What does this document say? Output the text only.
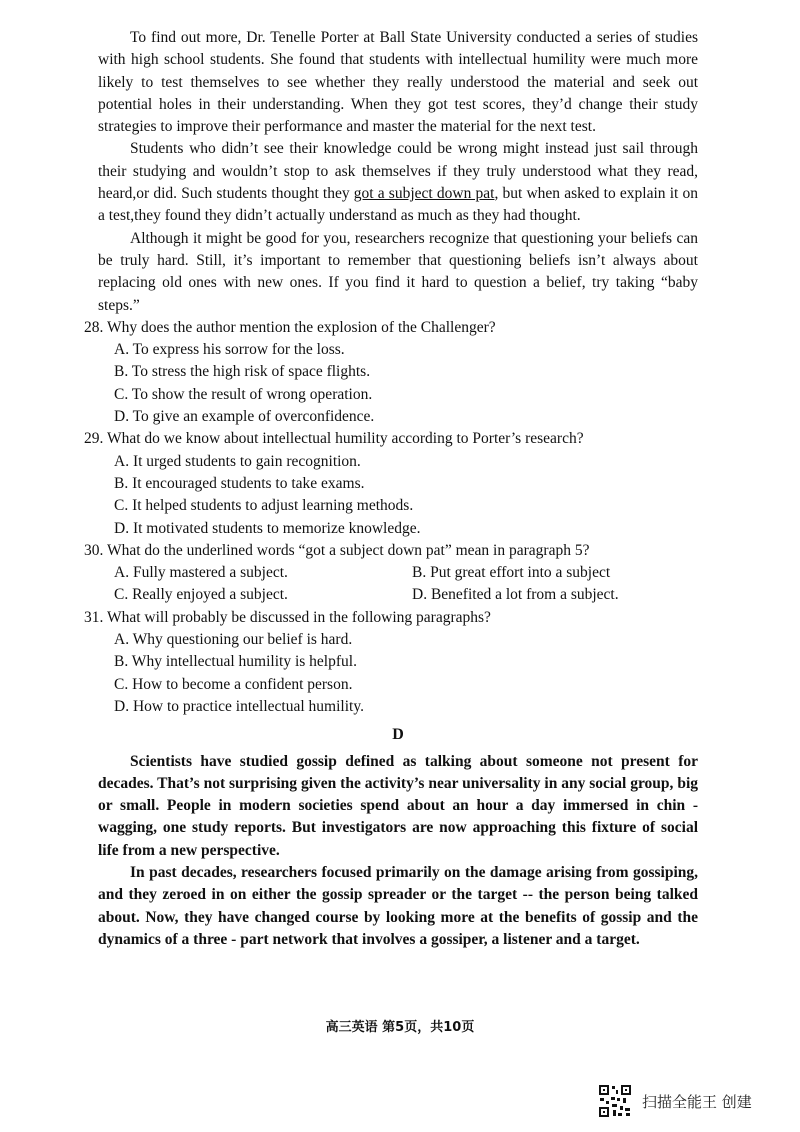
To find out more, Dr. Tenelle Porter at Ball State University conducted a series of studies with high school students. She found that students with intellectual humility were much more likely to test themselves to see whether they really understood the material and seek out potential holes in their understanding. When they got test scores, they’d change their study strategies to improve their performance and master the material for the next test.

Students who didn’t see their knowledge could be wrong might instead just sail through their studying and wouldn’t stop to ask themselves if they truly understood what they read, heard,or did. Such students thought they got a subject down pat, but when asked to explain it on a test,they found they didn’t actually understand as much as they had thought.

Although it might be good for you, researchers recognize that questioning your beliefs can be truly hard. Still, it’s important to remember that questioning beliefs isn’t always about replacing old ones with new ones. If you find it hard to question a belief, try taking “baby steps.”

28. Why does the author mention the explosion of the Challenger?

A. To express his sorrow for the loss.

B. To stress the high risk of space flights.

C. To show the result of wrong operation.

D. To give an example of overconfidence.

29. What do we know about intellectual humility according to Porter’s research?

A. It urged students to gain recognition.

B. It encouraged students to take exams.

C. It helped students to adjust learning methods.

D. It motivated students to memorize knowledge.

30. What do the underlined words “got a subject down pat” mean in paragraph 5?

A. Fully mastered a subject.	B. Put great effort into a subject
C. Really enjoyed a subject.	D. Benefited a lot from a subject.

31. What will probably be discussed in the following paragraphs?

A. Why questioning our belief is hard.

B. Why intellectual humility is helpful.

C. How to become a confident person.

D. How to practice intellectual humility.

D

Scientists have studied gossip defined as talking about someone not present for decades. That’s not surprising given the activity’s near universality in any social group, big or small. People in modern societies spend about an hour a day immersed in chin - wagging, one study reports. But investigators are now approaching this fixture of social life from a new perspective.

In past decades, researchers focused primarily on the damage arising from gossiping, and they zeroed in on either the gossip spreader or the target -- the person being talked about. Now, they have changed course by looking more at the benefits of gossip and the dynamics of a three - part network that involves a gossiper, a listener and a target.

高三英语 第5页，共10页
扫描全能王 创建
